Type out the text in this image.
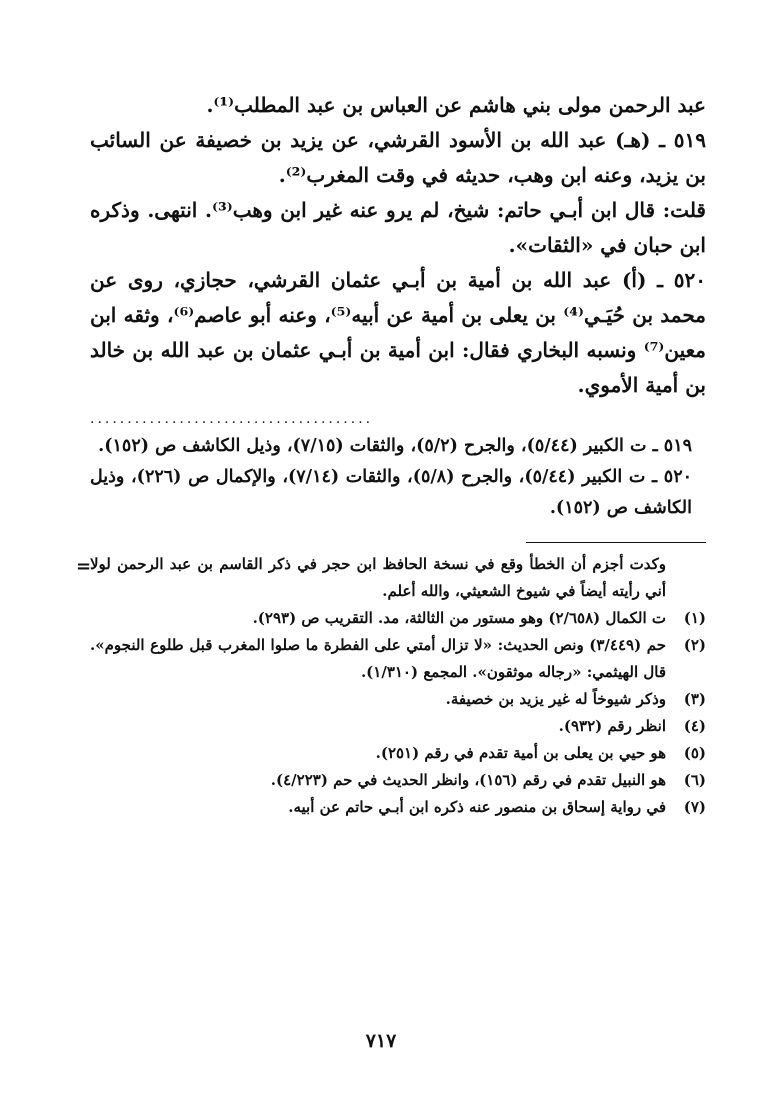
عبد الرحمن مولى بني هاشم عن العباس بن عبد المطلب⁽¹⁾.

٥١٩ ـ (هـ) عبد الله بن الأسود القرشي، عن يزيد بن خصيفة عن السائب بن يزيد، وعنه ابن وهب، حديثه في وقت المغرب⁽²⁾.

قلت: قال ابن أبـي حاتم: شيخ، لم يرو عنه غير ابن وهب⁽³⁾. انتهى. وذكره ابن حبان في «الثقات».

٥٢٠ ـ (أ) عبد الله بن أمية بن أبـي عثمان القرشي، حجازي، روى عن محمد بن حُيَـي⁽⁴⁾ بن يعلى بن أمية عن أبيه⁽⁵⁾، وعنه أبو عاصم⁽⁶⁾، وثقه ابن معين⁽⁷⁾ ونسبه البخاري فقال: ابن أمية بن أبـي عثمان بن عبد الله بن خالد بن أمية الأموي.

......................................

٥١٩ ـ ت الكبير (٥/٤٤)، والجرح (٥/٢)، والثقات (٧/١٥)، وذيل الكاشف ص (١٥٢).

٥٢٠ ـ ت الكبير (٥/٤٤)، والجرح (٥/٨)، والثقات (٧/١٤)، والإكمال ص (٢٢٦)، وذيل الكاشف ص (١٥٢).

=
وكدت أجزم أن الخطأ وقع في نسخة الحافظ ابن حجر في ذكر القاسم بن عبد الرحمن لولا أني رأيته أيضاً في شيوخ الشعيثي، والله أعلم.

(١)
ت الكمال (٢/٦٥٨) وهو مستور من الثالثة، مد. التقريب ص (٢٩٣).
(٢)
حم (٣/٤٤٩) ونص الحديث: «لا تزال أمتي على الفطرة ما صلوا المغرب قبل طلوع النجوم». قال الهيثمي: «رجاله موثقون». المجمع (١/٣١٠).
(٣)
وذكر شيوخاً له غير يزيد بن خصيفة.
(٤)
انظر رقم (٩٣٢).
(٥)
هو حيي بن يعلى بن أمية تقدم في رقم (٢٥١).
(٦)
هو النبيل تقدم في رقم (١٥٦)، وانظر الحديث في حم (٤/٢٢٣).
(٧)
في رواية إسحاق بن منصور عنه ذكره ابن أبـي حاتم عن أبيه.
٧١٧
